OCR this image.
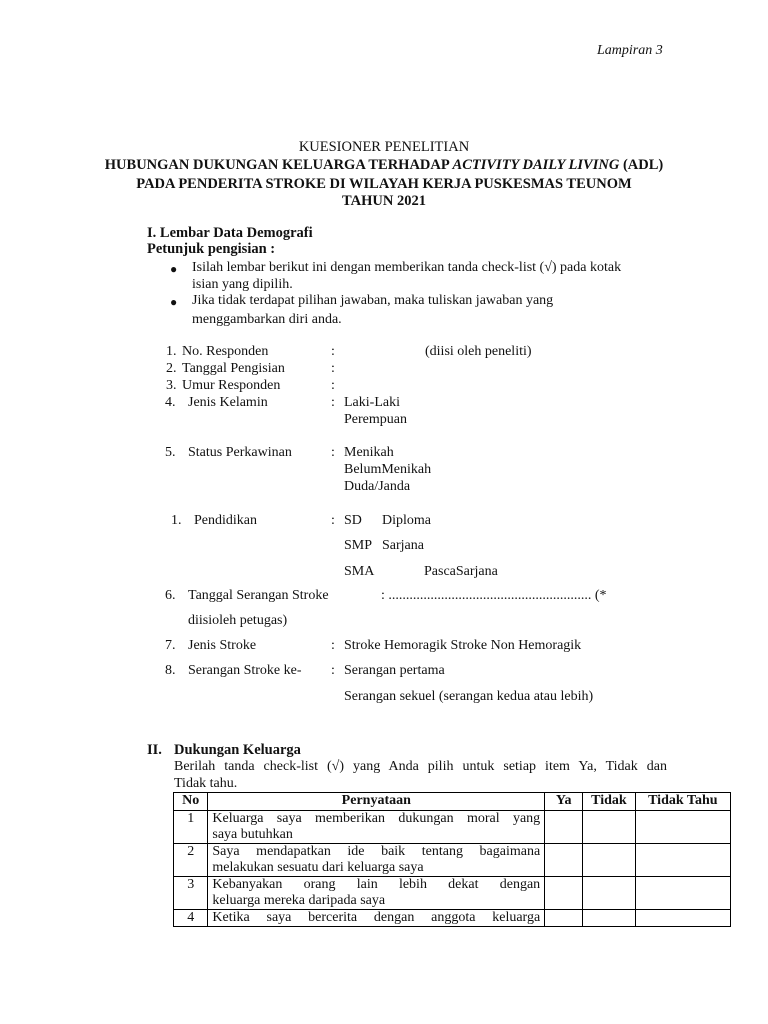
Lampiran 3
KUESIONER PENELITIAN
HUBUNGAN DUKUNGAN KELUARGA TERHADAP ACTIVITY DAILY LIVING (ADL)
PADA PENDERITA STROKE DI WILAYAH KERJA PUSKESMAS TEUNOM
TAHUN 2021
I. Lembar Data Demografi
Petunjuk pengisian :
● Isilah lembar berikut ini dengan memberikan tanda check-list (√) pada kotak
isian yang dipilih.
● Jika tidak terdapat pilihan jawaban, maka tuliskan jawaban yang
menggambarkan diri anda.
1. No. Responden	:	(diisi oleh peneliti)
2. Tanggal Pengisian	:
3. Umur Responden	:
4. Jenis Kelamin	: Laki-Laki
Perempuan
5. Status Perkawinan	: Menikah
BelumMenikah
Duda/Janda
1. Pendidikan	: SD Diploma
SMP Sarjana
SMA	PascaSarjana
6. Tanggal Serangan Stroke	: .......................................................... (*
diisioleh petugas)
7. Jenis Stroke	: Stroke Hemoragik Stroke Non Hemoragik
8. Serangan Stroke ke- : Serangan pertama
Serangan sekuel (serangan kedua atau lebih)
II. Dukungan Keluarga
Berilah tanda check-list (√) yang Anda pilih untuk setiap item Ya, Tidak dan
Tidak tahu.
No	Pernyataan	Ya	Tidak	Tidak Tahu
1	Keluarga saya memberikan dukungan moral yang
saya butuhkan			

2	Saya mendapatkan ide baik tentang bagaimana
melakukan sesuatu dari keluarga saya			

3	Kebanyakan orang lain lebih dekat dengan
keluarga mereka daripada saya			

4	Ketika saya bercerita dengan anggota keluarga			
